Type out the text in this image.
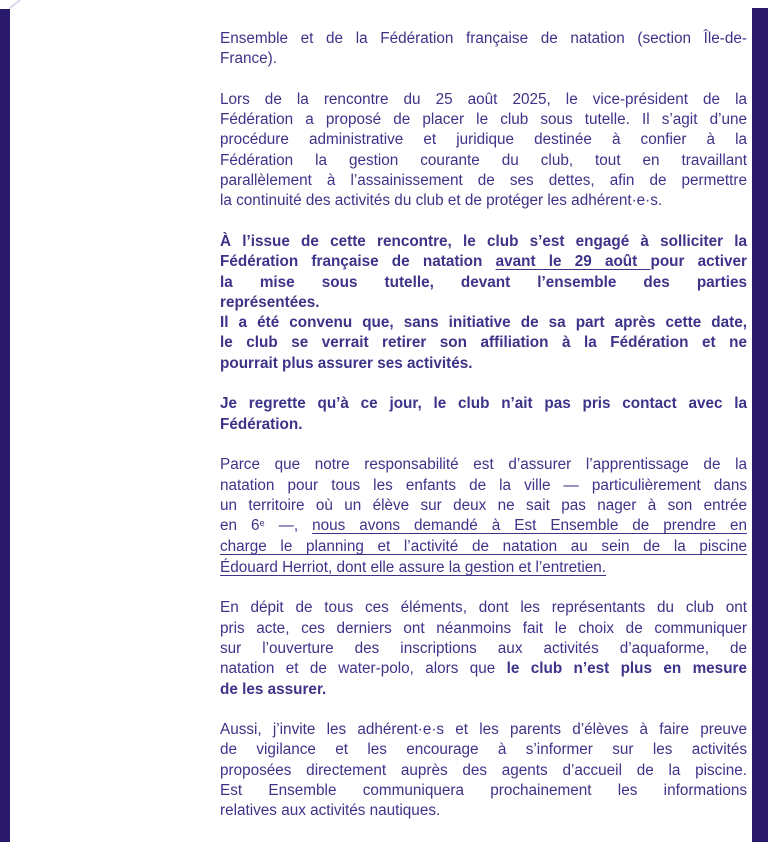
Ensemble et de la Fédération française de natation (section Île-de-
France).
Lors de la rencontre du 25 août 2025, le vice-président de la
Fédération a proposé de placer le club sous tutelle. Il s’agit d’une
procédure administrative et juridique destinée à confier à la
Fédération la gestion courante du club, tout en travaillant
parallèlement à l’assainissement de ses dettes, afin de permettre
la continuité des activités du club et de protéger les adhérent·e·s.
À l’issue de cette rencontre, le club s’est engagé à solliciter la
Fédération française de natation avant le 29 août pour activer
la mise sous tutelle, devant l’ensemble des parties
représentées.
Il a été convenu que, sans initiative de sa part après cette date,
le club se verrait retirer son affiliation à la Fédération et ne
pourrait plus assurer ses activités.
Je regrette qu’à ce jour, le club n’ait pas pris contact avec la
Fédération.
Parce que notre responsabilité est d’assurer l’apprentissage de la
natation pour tous les enfants de la ville — particulièrement dans
un territoire où un élève sur deux ne sait pas nager à son entrée
en 6e —, nous avons demandé à Est Ensemble de prendre en
charge le planning et l’activité de natation au sein de la piscine
Édouard Herriot, dont elle assure la gestion et l’entretien.
En dépit de tous ces éléments, dont les représentants du club ont
pris acte, ces derniers ont néanmoins fait le choix de communiquer
sur l’ouverture des inscriptions aux activités d’aquaforme, de
natation et de water-polo, alors que le club n’est plus en mesure
de les assurer.
Aussi, j’invite les adhérent·e·s et les parents d’élèves à faire preuve
de vigilance et les encourage à s’informer sur les activités
proposées directement auprès des agents d’accueil de la piscine.
Est Ensemble communiquera prochainement les informations
relatives aux activités nautiques.
